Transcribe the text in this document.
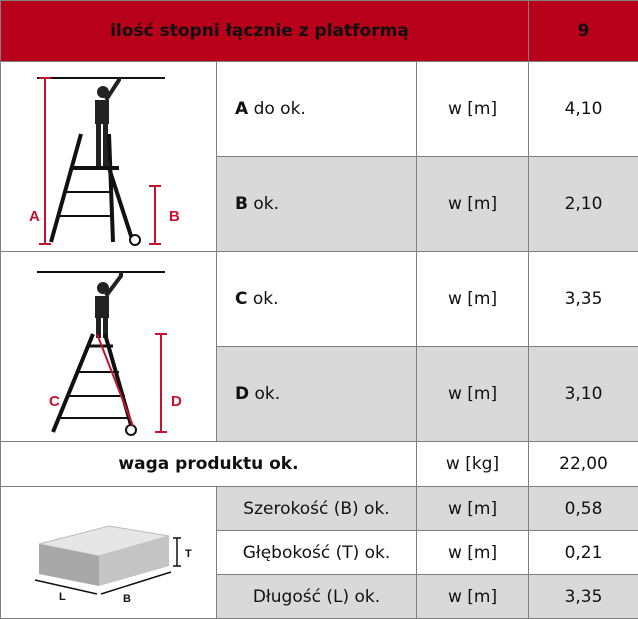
ilość stopni łącznie z platformą			9

A B	A do ok.	w [m]	4,10
	B ok.	w [m]	2,10

C D	C ok.	w [m]	3,35
	D ok.	w [m]	3,10
waga produktu ok.		w [kg]	22,00

T
L B	Szerokość (B) ok.	w [m]	0,58
	Głębokość (T) ok.	w [m]	0,21
	Długość (L) ok.	w [m]	3,35
